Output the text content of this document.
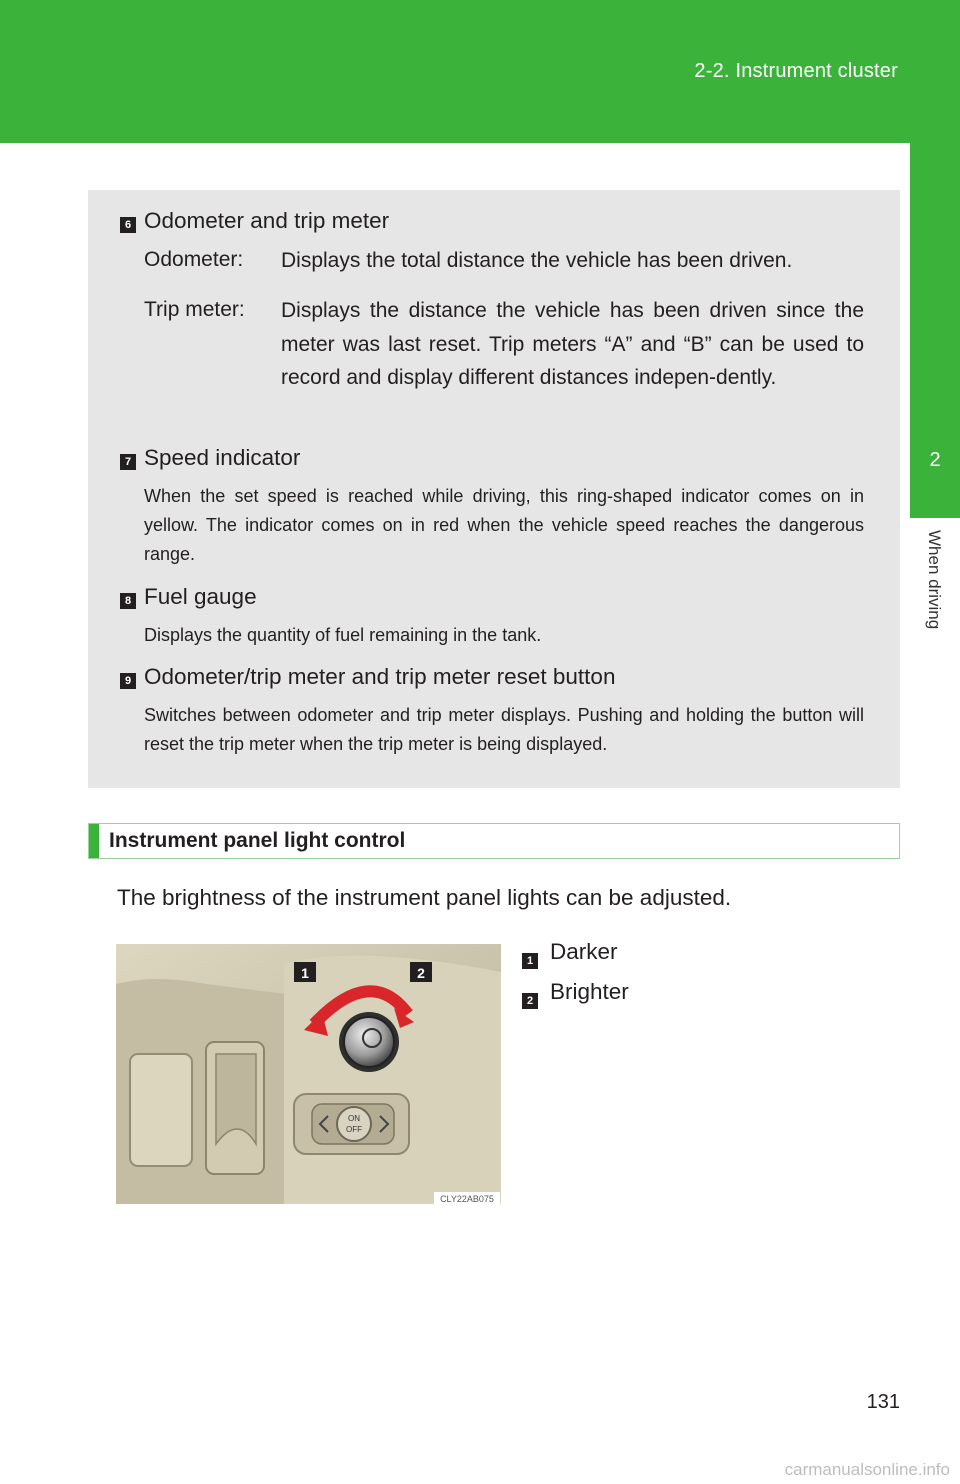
2-2. Instrument cluster
2
When driving
6 Odometer and trip meter
Odometer: Displays the total distance the vehicle has been driven.
Trip meter: Displays the distance the vehicle has been driven since the meter was last reset. Trip meters “A” and “B” can be used to record and display different distances indepen-dently.
7 Speed indicator
When the set speed is reached while driving, this ring-shaped indicator comes on in yellow. The indicator comes on in red when the vehicle speed reaches the dangerous range.
8 Fuel gauge
Displays the quantity of fuel remaining in the tank.
9 Odometer/trip meter and trip meter reset button
Switches between odometer and trip meter displays. Pushing and holding the button will reset the trip meter when the trip meter is being displayed.
Instrument panel light control
The brightness of the instrument panel lights can be adjusted.
ON
OFF
1	2
CLY22AB075
1 Darker
2 Brighter
131
carmanualsonline.info
